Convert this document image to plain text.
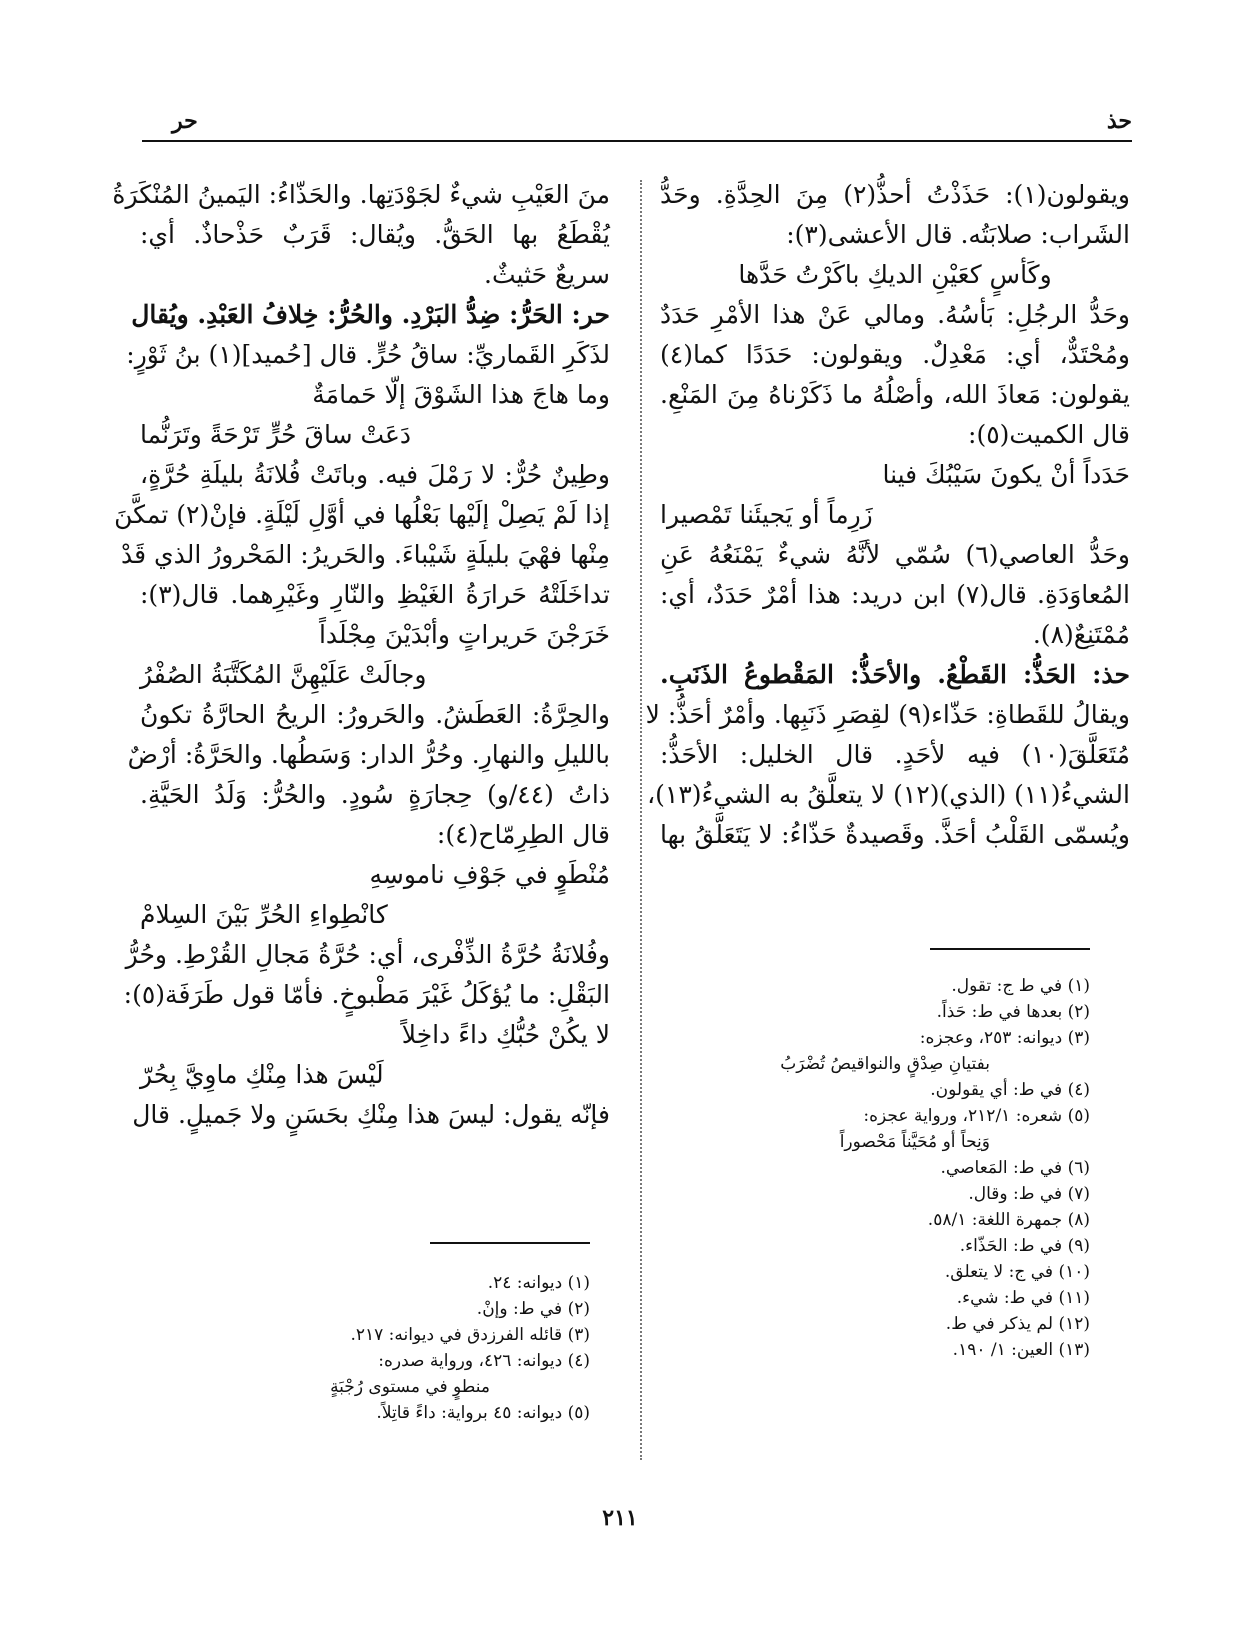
حذ
حر
ويقولون(١): حَذَذْتُ أحذُّ(٢) مِنَ الحِدَّةِ. وحَدُّ
الشَراب: صلابَتُه. قال الأعشى(٣):
وكَأسٍ كعَيْنِ الديكِ باكَرْتُ حَدَّها
وحَدُّ الرجُلِ: بَأسُهُ. ومالي عَنْ هذا الأمْرِ حَدَدٌ
ومُحْتَدٌّ، أي: مَعْدِلٌ. ويقولون: حَدَدًا كما(٤)
يقولون: مَعاذَ الله، وأصْلُهُ ما ذَكَرْناهُ مِنَ المَنْعِ.
قال الكميت(٥):
حَدَداً أنْ يكونَ سَيْبُكَ فينا
زَرِماً أو يَجيئَنا تَمْصيرا
وحَدُّ العاصي(٦) سُمّي لأنَّهُ شيءٌ يَمْنَعُهُ عَنِ
المُعاوَدَةِ. قال(٧) ابن دريد: هذا أمْرٌ حَدَدٌ، أي:
مُمْتَنِعٌ(٨).
حذ: الحَذُّ: القَطْعُ. والأحَذُّ: المَقْطوعُ الذَنَبِ.
ويقالُ للقَطاةِ: حَذّاء(٩) لقِصَرِ ذَنَبِها. وأمْرٌ أحَذُّ: لا
مُتَعَلَّقَ(١٠) فيه لأحَدٍ. قال الخليل: الأحَذُّ:
الشيءُ(١١) (الذي)(١٢) لا يتعلَّقُ به الشيءُ(١٣)،
ويُسمّى القَلْبُ أحَذَّ. وقَصيدةٌ حَذّاءُ: لا يَتَعَلَّقُ بها
(١) في ط ج: تقول.
(٢) بعدها في ط: حَذاً.
(٣) ديوانه: ٢٥٣، وعجزه:
بفتيانِ صِدْقٍ والنواقيصُ تُضْرَبُ
(٤) في ط: أي يقولون.
(٥) شعره: ٢١٢/١، ورواية عجزه:
وَنِحاً أو مُحَيَّناً مَحْصوراً
(٦) في ط: المَعاصي.
(٧) في ط: وقال.
(٨) جمهرة اللغة: ٥٨/١.
(٩) في ط: الحَذّاء.
(١٠) في ج: لا يتعلق.
(١١) في ط: شيء.
(١٢) لم يذكر في ط.
(١٣) العين: ١/ ١٩٠.
منَ العَيْبِ شيءٌ لجَوْدَتِها. والحَذّاءُ: اليَمينُ المُنْكَرَةُ
يُقْطَعُ بها الحَقُّ. ويُقال: قَرَبٌ حَذْحاذٌ. أي:
سريعٌ حَثيثٌ.
حر: الحَرُّ: ضِدُّ البَرْدِ. والحُرُّ: خِلافُ العَبْدِ. ويُقال
لذَكَرِ القَماريِّ: ساقُ حُرٍّ. قال [حُميد](١) بنُ ثَوْرٍ:
وما هاجَ هذا الشَوْقَ إلّا حَمامَةٌ
دَعَتْ ساقَ حُرٍّ تَرْحَةً وتَرَنُّما
وطِينٌ حُرٌّ: لا رَمْلَ فيه. وباتَتْ فُلانَةُ بليلَةِ حُرَّةٍ،
إذا لَمْ يَصِلْ إلَيْها بَعْلُها في أوَّلِ لَيْلَةٍ. فإنْ(٢) تمكَّنَ
مِنْها فهْيَ بليلَةٍ شَيْباءَ. والحَريرُ: المَحْرورُ الذي قَدْ
تداخَلَتْهُ حَرارَةُ الغَيْظِ والنّارِ وغَيْرِهما. قال(٣):
خَرَجْنَ حَريراتٍ وأبْدَيْنَ مِجْلَداً
وجالَتْ عَلَيْهِنَّ المُكَتَّبَةُ الصُفْرُ
والحِرَّةُ: العَطَشُ. والحَرورُ: الريحُ الحارَّةُ تكونُ
بالليلِ والنهارِ. وحُرُّ الدار: وَسَطُها. والحَرَّةُ: أرْضٌ
ذاتُ (٤٤/و) حِجارَةٍ سُودٍ. والحُرُّ: وَلَدُ الحَيَّةِ.
قال الطِرِمّاح(٤):
مُنْطَوٍ في جَوْفِ ناموسِهِ
كانْطِواءِ الحُرِّ بَيْنَ السِلامْ
وفُلانَةُ حُرَّةُ الذِّفْرى، أي: حُرَّةُ مَجالِ القُرْطِ. وحُرُّ
البَقْلِ: ما يُؤكَلُ غَيْرَ مَطْبوخٍ. فأمّا قول طَرَفَة(٥):
لا يكُنْ حُبُّكِ داءً داخِلاً
لَيْسَ هذا مِنْكِ ماوِيَّ بِحُرّ
فإنّه يقول: ليسَ هذا مِنْكِ بحَسَنٍ ولا جَميلٍ. قال
(١) ديوانه: ٢٤.
(٢) في ط: وإنْ.
(٣) قائله الفرزدق في ديوانه: ٢١٧.
(٤) ديوانه: ٤٢٦، ورواية صدره:
منطوٍ في مستوى رُجْبَةٍ
(٥) ديوانه: ٤٥ برواية: داءً قاتِلاً.
٢١١
